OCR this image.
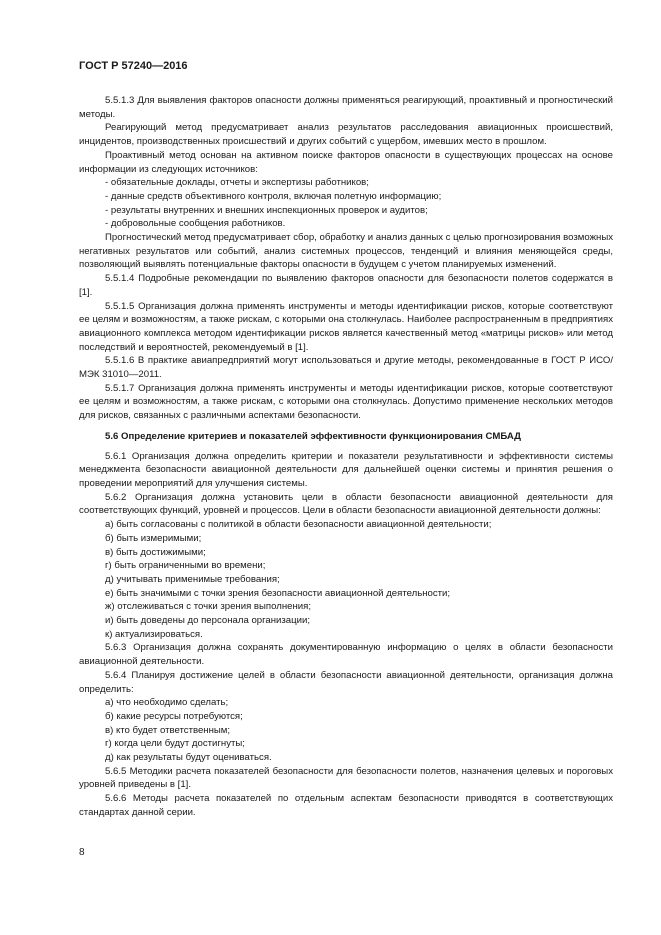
ГОСТ Р 57240—2016

5.5.1.3 Для выявления факторов опасности должны применяться реагирующий, проактивный и прогностический методы.

Реагирующий метод предусматривает анализ результатов расследования авиационных происшествий, инцидентов, производственных происшествий и других событий с ущербом, имевших место в прошлом.

Проактивный метод основан на активном поиске факторов опасности в существующих процессах на основе информации из следующих источников:

- обязательные доклады, отчеты и экспертизы работников;

- данные средств объективного контроля, включая полетную информацию;

- результаты внутренних и внешних инспекционных проверок и аудитов;

- добровольные сообщения работников.

Прогностический метод предусматривает сбор, обработку и анализ данных с целью прогнозирования возможных негативных результатов или событий, анализ системных процессов, тенденций и влияния меняющейся среды, позволяющий выявлять потенциальные факторы опасности в будущем с учетом планируемых изменений.

5.5.1.4 Подробные рекомендации по выявлению факторов опасности для безопасности полетов содержатся в [1].

5.5.1.5 Организация должна применять инструменты и методы идентификации рисков, которые соответствуют ее целям и возможностям, а также рискам, с которыми она столкнулась. Наиболее распространенным в предприятиях авиационного комплекса методом идентификации рисков является качественный метод «матрицы рисков» или метод последствий и вероятностей, рекомендуемый в [1].

5.5.1.6 В практике авиапредприятий могут использоваться и другие методы, рекомендованные в ГОСТ Р ИСО/МЭК 31010—2011.

5.5.1.7 Организация должна применять инструменты и методы идентификации рисков, которые соответствуют ее целям и возможностям, а также рискам, с которыми она столкнулась. Допустимо применение нескольких методов для рисков, связанных с различными аспектами безопасности.

5.6 Определение критериев и показателей эффективности функционирования СМБАД

5.6.1 Организация должна определить критерии и показатели результативности и эффективности системы менеджмента безопасности авиационной деятельности для дальнейшей оценки системы и принятия решения о проведении мероприятий для улучшения системы.

5.6.2 Организация должна установить цели в области безопасности авиационной деятельности для соответствующих функций, уровней и процессов. Цели в области безопасности авиационной деятельности должны:

а) быть согласованы с политикой в области безопасности авиационной деятельности;

б) быть измеримыми;

в) быть достижимыми;

г) быть ограниченными во времени;

д) учитывать применимые требования;

е) быть значимыми с точки зрения безопасности авиационной деятельности;

ж) отслеживаться с точки зрения выполнения;

и) быть доведены до персонала организации;

к) актуализироваться.

5.6.3 Организация должна сохранять документированную информацию о целях в области безопасности авиационной деятельности.

5.6.4 Планируя достижение целей в области безопасности авиационной деятельности, организация должна определить:

а) что необходимо сделать;

б) какие ресурсы потребуются;

в) кто будет ответственным;

г) когда цели будут достигнуты;

д) как результаты будут оцениваться.

5.6.5 Методики расчета показателей безопасности для безопасности полетов, назначения целевых и пороговых уровней приведены в [1].

5.6.6 Методы расчета показателей по отдельным аспектам безопасности приводятся в соответствующих стандартах данной серии.

8
